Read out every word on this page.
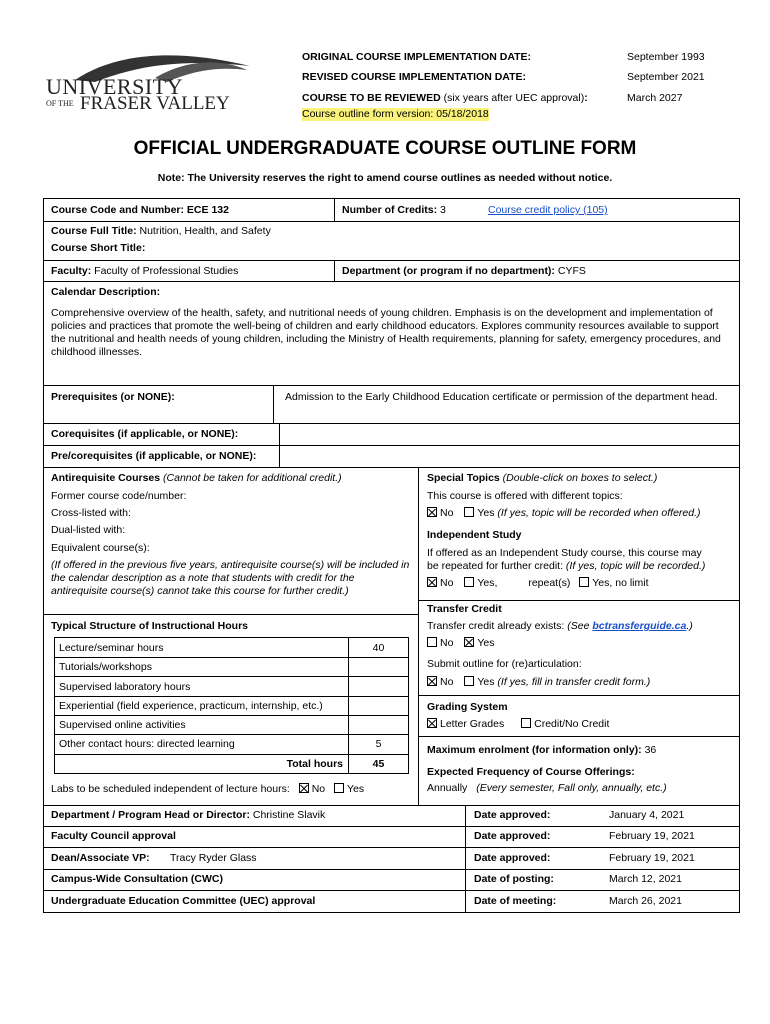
UNIVERSITY
OF THE FRASER VALLEY
ORIGINAL COURSE IMPLEMENTATION DATE:	September 1993
REVISED COURSE IMPLEMENTATION DATE:	September 2021
COURSE TO BE REVIEWED (six years after UEC approval):	March 2027
Course outline form version: 05/18/2018
OFFICIAL UNDERGRADUATE COURSE OUTLINE FORM
Note: The University reserves the right to amend course outlines as needed without notice.
Course Code and Number: ECE 132	Number of Credits: 3	Course credit policy (105)
Course Full Title: Nutrition, Health, and Safety
Course Short Title:
Faculty: Faculty of Professional Studies	Department (or program if no department): CYFS
Calendar Description:
Comprehensive overview of the health, safety, and nutritional needs of young children. Emphasis is on the development and implementation of policies and practices that promote the well-being of children and early childhood educators. Explores community resources available to support the nutritional and health needs of young children, including the Ministry of Health requirements, planning for safety, emergency procedures, and childhood illnesses.
Prerequisites (or NONE):	Admission to the Early Childhood Education certificate or permission of the department head.
Corequisites (if applicable, or NONE):
Pre/corequisites (if applicable, or NONE):
Antirequisite Courses (Cannot be taken for additional credit.)
Former course code/number:
Cross-listed with:
Dual-listed with:
Equivalent course(s):
(If offered in the previous five years, antirequisite course(s) will be included in the calendar description as a note that students with credit for the antirequisite course(s) cannot take this course for further credit.)
Special Topics (Double-click on boxes to select.)
This course is offered with different topics:
No Yes (If yes, topic will be recorded when offered.)
Independent Study
If offered as an Independent Study course, this course may
be repeated for further credit: (If yes, topic will be recorded.)
No Yes,	repeat(s) Yes, no limit
Transfer Credit
Transfer credit already exists: (See bctransferguide.ca.)
No Yes
Submit outline for (re)articulation:
No Yes (If yes, fill in transfer credit form.)
Grading System
Letter Grades	Credit/No Credit
Maximum enrolment (for information only): 36
Expected Frequency of Course Offerings:
Annually (Every semester, Fall only, annually, etc.)
Typical Structure of Instructional Hours
Lecture/seminar hours	40
Tutorials/workshops
Supervised laboratory hours
Experiential (field experience, practicum, internship, etc.)
Supervised online activities
Other contact hours: directed learning	5
Total hours	45
Labs to be scheduled independent of lecture hours: No Yes
Department / Program Head or Director: Christine Slavik	Date approved:	January 4, 2021
Faculty Council approval	Date approved:	February 19, 2021
Dean/Associate VP: Tracy Ryder Glass	Date approved:	February 19, 2021
Campus-Wide Consultation (CWC)	Date of posting:	March 12, 2021
Undergraduate Education Committee (UEC) approval	Date of meeting:	March 26, 2021
